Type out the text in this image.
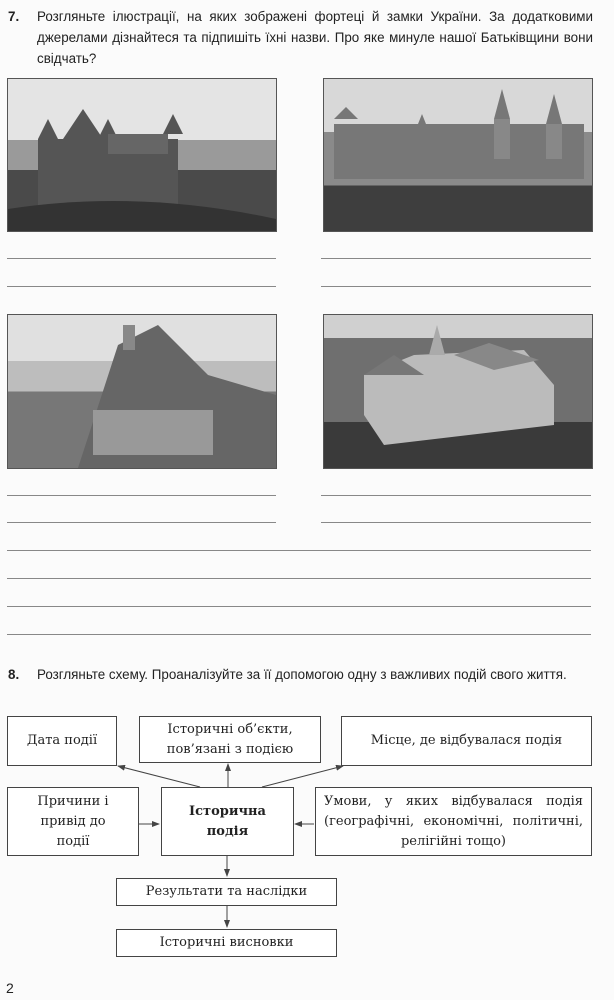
7. Розгляньте ілюстрації, на яких зображені фортеці й замки України. За додатковими джерелами дізнайтеся та підпишіть їхні назви. Про яке минуле нашої Батьківщини вони свідчать?
8. Розгляньте схему. Проаналізуйте за її допомогою одну з важливих подій свого життя.
Дата події
Історичні об’єкти, пов’язані з подією
Місце, де відбувалася подія
Причини і привід до події
Історична подія
Умови, у яких відбувалася подія (географічні, економічні, політичні, релігійні тощо)
Результати та наслідки
Історичні висновки
2
